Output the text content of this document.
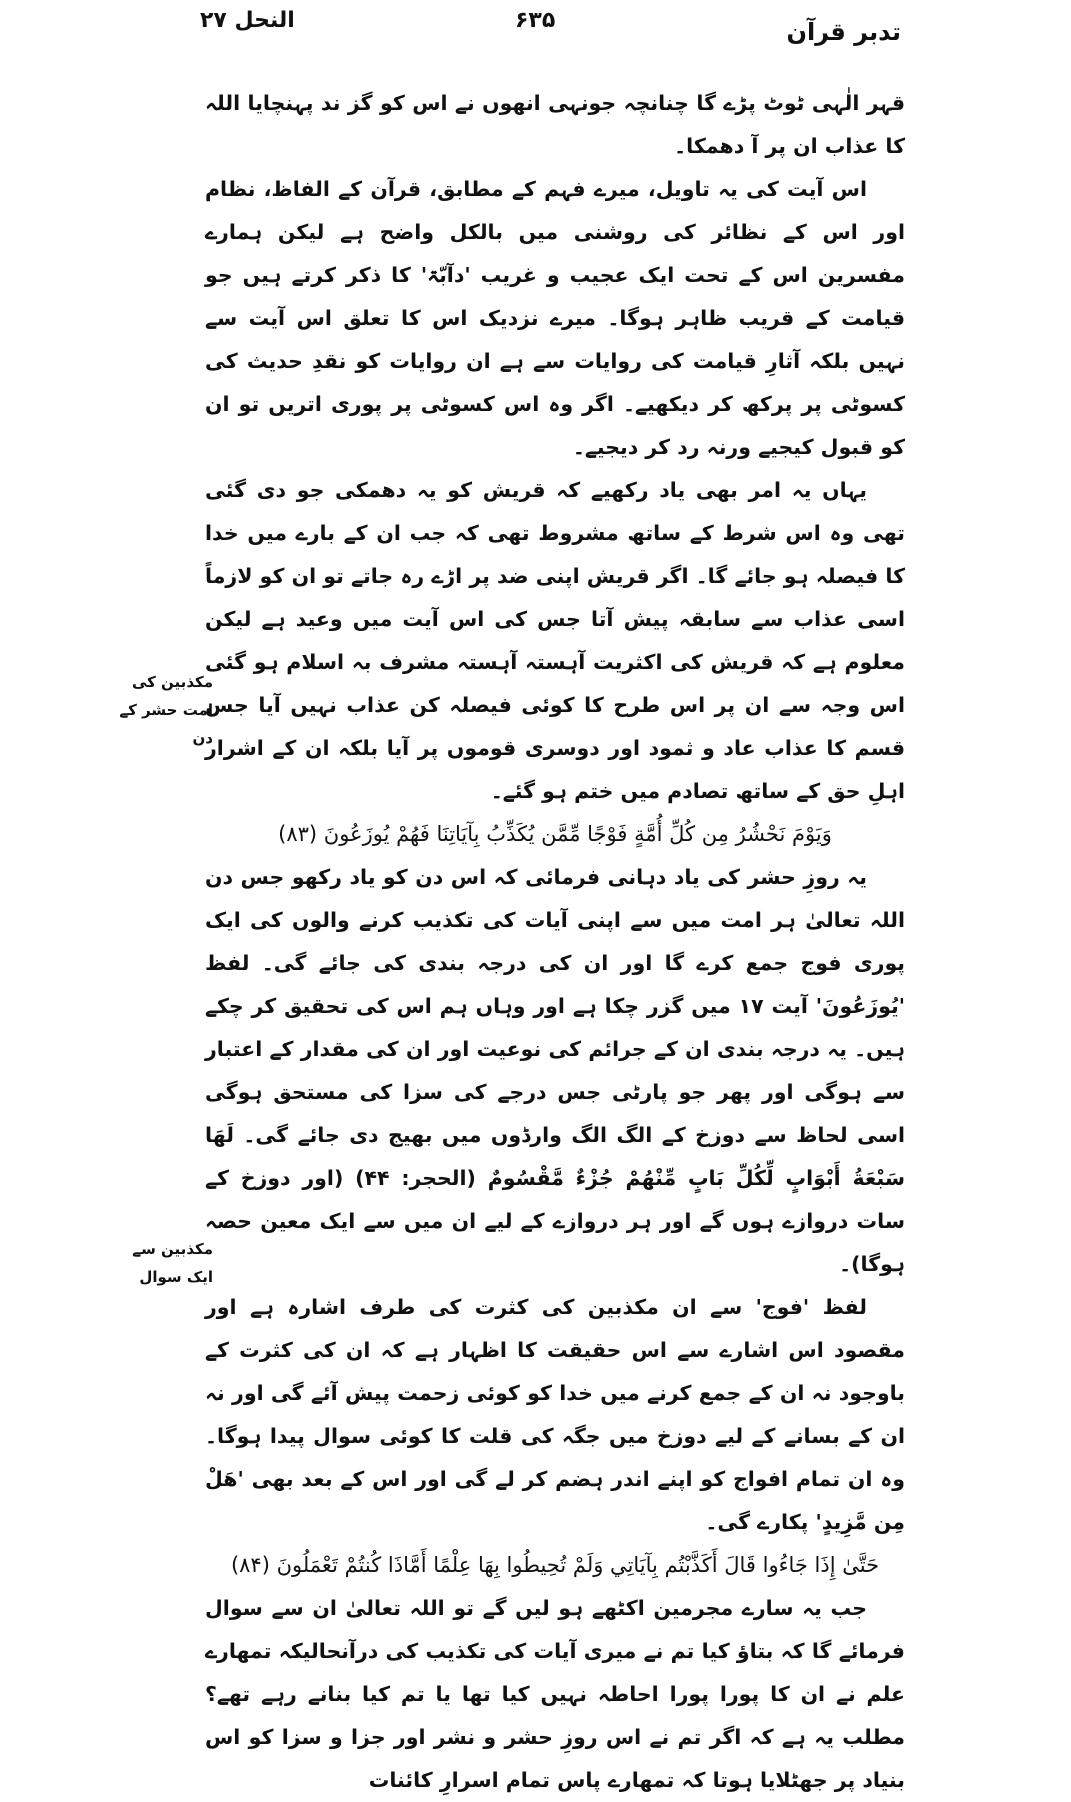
النحل ۲۷	۶۳۵	تدبر قرآن

قہر الٰہی ٹوٹ پڑے گا چنانچہ جونہی انھوں نے اس کو گز ند پہنچایا اللہ کا عذاب ان پر آ دھمکا۔

اس آیت کی یہ تاویل، میرے فہم کے مطابق، قرآن کے الفاظ، نظام اور اس کے نظائر کی روشنی میں بالکل واضح ہے لیکن ہمارے مفسرین اس کے تحت ایک عجیب و غریب 'دآبّۃ' کا ذکر کرتے ہیں جو قیامت کے قریب ظاہر ہوگا۔ میرے نزدیک اس کا تعلق اس آیت سے نہیں بلکہ آثارِ قیامت کی روایات سے ہے ان روایات کو نقدِ حدیث کی کسوٹی پر پرکھ کر دیکھیے۔ اگر وہ اس کسوٹی پر پوری اتریں تو ان کو قبول کیجیے ورنہ رد کر دیجیے۔

یہاں یہ امر بھی یاد رکھیے کہ قریش کو یہ دھمکی جو دی گئی تھی وہ اس شرط کے ساتھ مشروط تھی کہ جب ان کے بارے میں خدا کا فیصلہ ہو جائے گا۔ اگر قریش اپنی ضد پر اڑے رہ جاتے تو ان کو لازماً اسی عذاب سے سابقہ پیش آتا جس کی اس آیت میں وعید ہے لیکن معلوم ہے کہ قریش کی اکثریت آہستہ آہستہ مشرف بہ اسلام ہو گئی اس وجہ سے ان پر اس طرح کا کوئی فیصلہ کن عذاب نہیں آیا جس قسم کا عذاب عاد و ثمود اور دوسری قوموں پر آیا بلکہ ان کے اشرار اہلِ حق کے ساتھ تصادم میں ختم ہو گئے۔

وَيَوْمَ نَحْشُرُ مِن كُلِّ أُمَّةٍ فَوْجًا مِّمَّن يُكَذِّبُ بِآيَاتِنَا فَهُمْ يُوزَعُونَ (۸۳)

یہ روزِ حشر کی یاد دہانی فرمائی کہ اس دن کو یاد رکھو جس دن اللہ تعالیٰ ہر امت میں سے اپنی آیات کی تکذیب کرنے والوں کی ایک پوری فوج جمع کرے گا اور ان کی درجہ بندی کی جائے گی۔ لفظ 'یُوزَعُونَ' آیت ۱۷ میں گزر چکا ہے اور وہاں ہم اس کی تحقیق کر چکے ہیں۔ یہ درجہ بندی ان کے جرائم کی نوعیت اور ان کی مقدار کے اعتبار سے ہوگی اور پھر جو پارٹی جس درجے کی سزا کی مستحق ہوگی اسی لحاظ سے دوزخ کے الگ الگ وارڈوں میں بھیج دی جائے گی۔ لَهَا سَبْعَةُ أَبْوَابٍ لِّكُلِّ بَابٍ مِّنْهُمْ جُزْءٌ مَّقْسُومٌ (الحجر: ۴۴) (اور دوزخ کے سات دروازے ہوں گے اور ہر دروازے کے لیے ان میں سے ایک معین حصہ ہوگا)۔

لفظ 'فوج' سے ان مکذبین کی کثرت کی طرف اشارہ ہے اور مقصود اس اشارے سے اس حقیقت کا اظہار ہے کہ ان کی کثرت کے باوجود نہ ان کے جمع کرنے میں خدا کو کوئی زحمت پیش آئے گی اور نہ ان کے بسانے کے لیے دوزخ میں جگہ کی قلت کا کوئی سوال پیدا ہوگا۔ وہ ان تمام افواج کو اپنے اندر ہضم کر لے گی اور اس کے بعد بھی 'هَلْ مِن مَّزِيدٍ' پکارے گی۔

حَتَّىٰ إِذَا جَاءُوا قَالَ أَكَذَّبْتُم بِآيَاتِي وَلَمْ تُحِيطُوا بِهَا عِلْمًا أَمَّاذَا كُنتُمْ تَعْمَلُونَ (۸۴)

جب یہ سارے مجرمین اکٹھے ہو لیں گے تو اللہ تعالیٰ ان سے سوال فرمائے گا کہ بتاؤ کیا تم نے میری آیات کی تکذیب کی درآنحالیکہ تمھارے علم نے ان کا پورا پورا احاطہ نہیں کیا تھا یا تم کیا بنانے رہے تھے؟ مطلب یہ ہے کہ اگر تم نے اس روزِ حشر و نشر اور جزا و سزا کو اس بنیاد پر جھٹلایا ہوتا کہ تمھارے پاس تمام اسرارِ کائنات

مکذبین کی امت حشر کے دن
مکذبین سے ایک سوال
